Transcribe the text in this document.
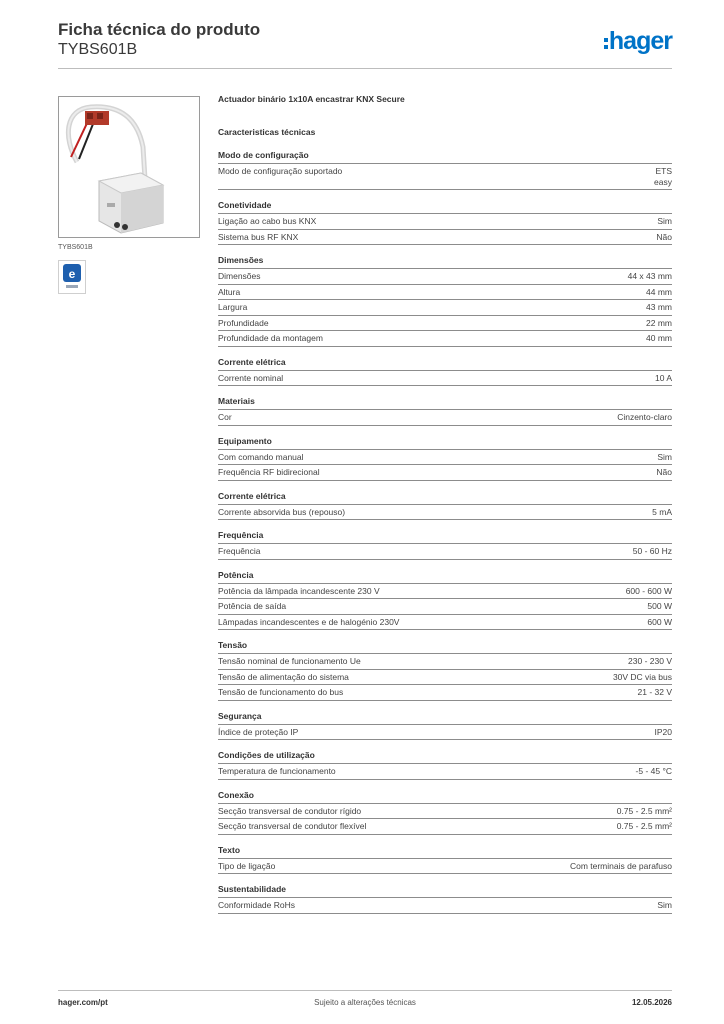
Ficha técnica do produto
TYBS601B	hager
TYBS601B
e
Actuador binário 1x10A encastrar KNX Secure
Caracteristicas técnicas
Modo de configuração
Modo de configuração suportado	ETS
easy
Conetividade
Ligação ao cabo bus KNX	Sim
Sistema bus RF KNX	Não
Dimensões
Dimensões	44 x 43 mm
Altura	44 mm
Largura	43 mm
Profundidade	22 mm
Profundidade da montagem	40 mm
Corrente elétrica
Corrente nominal	10 A
Materiais
Cor	Cinzento-claro
Equipamento
Com comando manual	Sim
Frequência RF bidirecional	Não
Corrente elétrica
Corrente absorvida bus (repouso)	5 mA
Frequência
Frequência	50 - 60 Hz
Potência
Potência da lâmpada incandescente 230 V	600 - 600 W
Potência de saída	500 W
Lâmpadas incandescentes e de halogénio 230V	600 W
Tensão
Tensão nominal de funcionamento Ue	230 - 230 V
Tensão de alimentação do sistema	30V DC via bus
Tensão de funcionamento do bus	21 - 32 V
Segurança
Índice de proteção IP	IP20
Condições de utilização
Temperatura de funcionamento	-5 - 45 °C
Conexão
Secção transversal de condutor rígido	0.75 - 2.5 mm²
Secção transversal de condutor flexível	0.75 - 2.5 mm²
Texto
Tipo de ligação	Com terminais de parafuso
Sustentabilidade
Conformidade RoHs	Sim
hager.com/pt	Sujeito a alterações técnicas	12.05.2026
